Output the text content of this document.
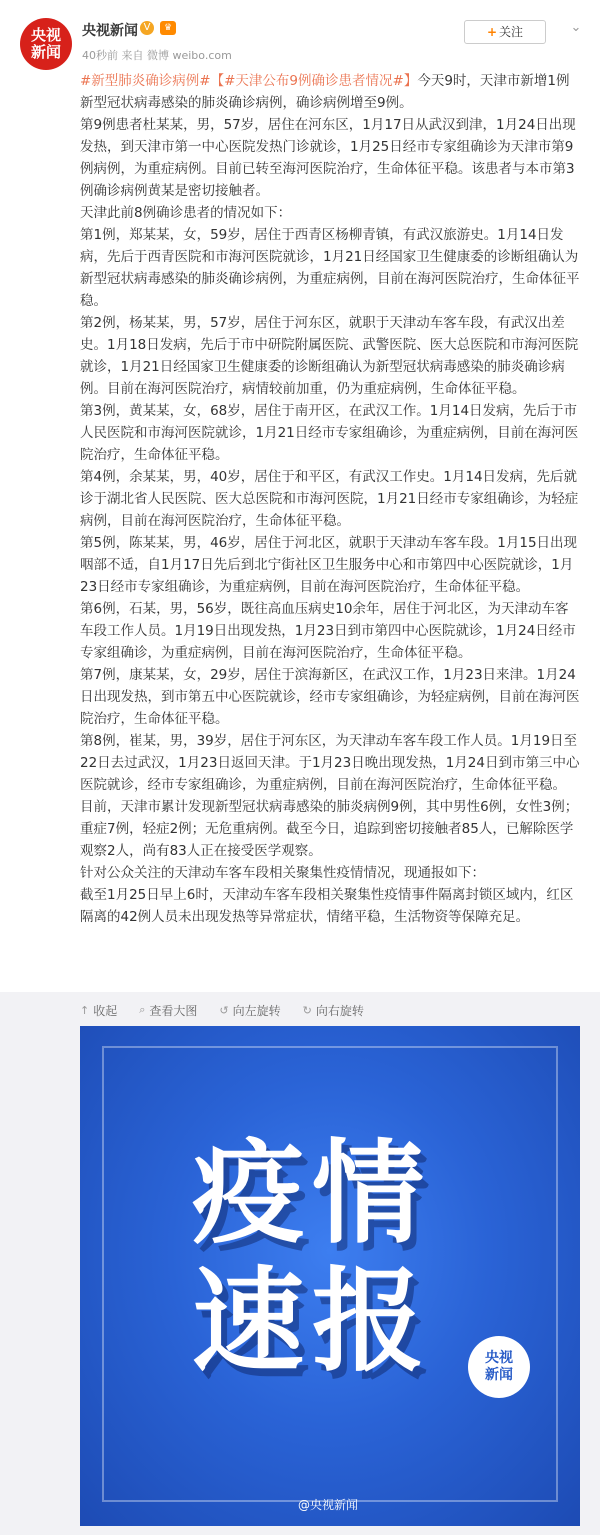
央视
新闻
央视新闻 V	♛
40秒前 来自 微博 weibo.com
+ 关注	⌄

#新型肺炎确诊病例#【#天津公布9例确诊患者情况#】今天9时，天津市新增1例新型冠状病毒感染的肺炎确诊病例，确诊病例增至9例。

第9例患者杜某某，男，57岁，居住在河东区，1月17日从武汉到津，1月24日出现发热，到天津市第一中心医院发热门诊就诊，1月25日经市专家组确诊为天津市第9例病例，为重症病例。目前已转至海河医院治疗，生命体征平稳。该患者与本市第3例确诊病例黄某是密切接触者。

天津此前8例确诊患者的情况如下：

第1例，郑某某，女，59岁，居住于西青区杨柳青镇，有武汉旅游史。1月14日发病，先后于西青医院和市海河医院就诊，1月21日经国家卫生健康委的诊断组确认为新型冠状病毒感染的肺炎确诊病例，为重症病例，目前在海河医院治疗，生命体征平稳。

第2例，杨某某，男，57岁，居住于河东区，就职于天津动车客车段，有武汉出差史。1月18日发病，先后于市中研院附属医院、武警医院、医大总医院和市海河医院就诊，1月21日经国家卫生健康委的诊断组确认为新型冠状病毒感染的肺炎确诊病例。目前在海河医院治疗，病情较前加重，仍为重症病例，生命体征平稳。

第3例，黄某某，女，68岁，居住于南开区，在武汉工作。1月14日发病，先后于市人民医院和市海河医院就诊，1月21日经市专家组确诊，为重症病例，目前在海河医院治疗，生命体征平稳。

第4例，余某某，男，40岁，居住于和平区，有武汉工作史。1月14日发病，先后就诊于湖北省人民医院、医大总医院和市海河医院，1月21日经市专家组确诊，为轻症病例，目前在海河医院治疗，生命体征平稳。

第5例，陈某某，男，46岁，居住于河北区，就职于天津动车客车段。1月15日出现咽部不适，自1月17日先后到北宁街社区卫生服务中心和市第四中心医院就诊，1月23日经市专家组确诊，为重症病例，目前在海河医院治疗，生命体征平稳。

第6例，石某，男，56岁，既往高血压病史10余年，居住于河北区，为天津动车客车段工作人员。1月19日出现发热，1月23日到市第四中心医院就诊，1月24日经市专家组确诊，为重症病例，目前在海河医院治疗，生命体征平稳。

第7例，康某某，女，29岁，居住于滨海新区，在武汉工作，1月23日来津。1月24日出现发热，到市第五中心医院就诊，经市专家组确诊，为轻症病例，目前在海河医院治疗，生命体征平稳。

第8例，崔某，男，39岁，居住于河东区，为天津动车客车段工作人员。1月19日至22日去过武汉，1月23日返回天津。于1月23日晚出现发热，1月24日到市第三中心医院就诊，经市专家组确诊，为重症病例，目前在海河医院治疗，生命体征平稳。

目前，天津市累计发现新型冠状病毒感染的肺炎病例9例，其中男性6例，女性3例；重症7例，轻症2例；无危重病例。截至今日，追踪到密切接触者85人，已解除医学观察2人，尚有83人正在接受医学观察。

针对公众关注的天津动车客车段相关聚集性疫情情况，现通报如下：

截至1月25日早上6时，天津动车客车段相关聚集性疫情事件隔离封锁区域内，红区隔离的42例人员未出现发热等异常症状，情绪平稳，生活物资等保障充足。

↑ 收起 ⌕ 查看大图 ↺ 向左旋转 ↻ 向右旋转
疫情
速报	央视
新闻
@央视新闻
